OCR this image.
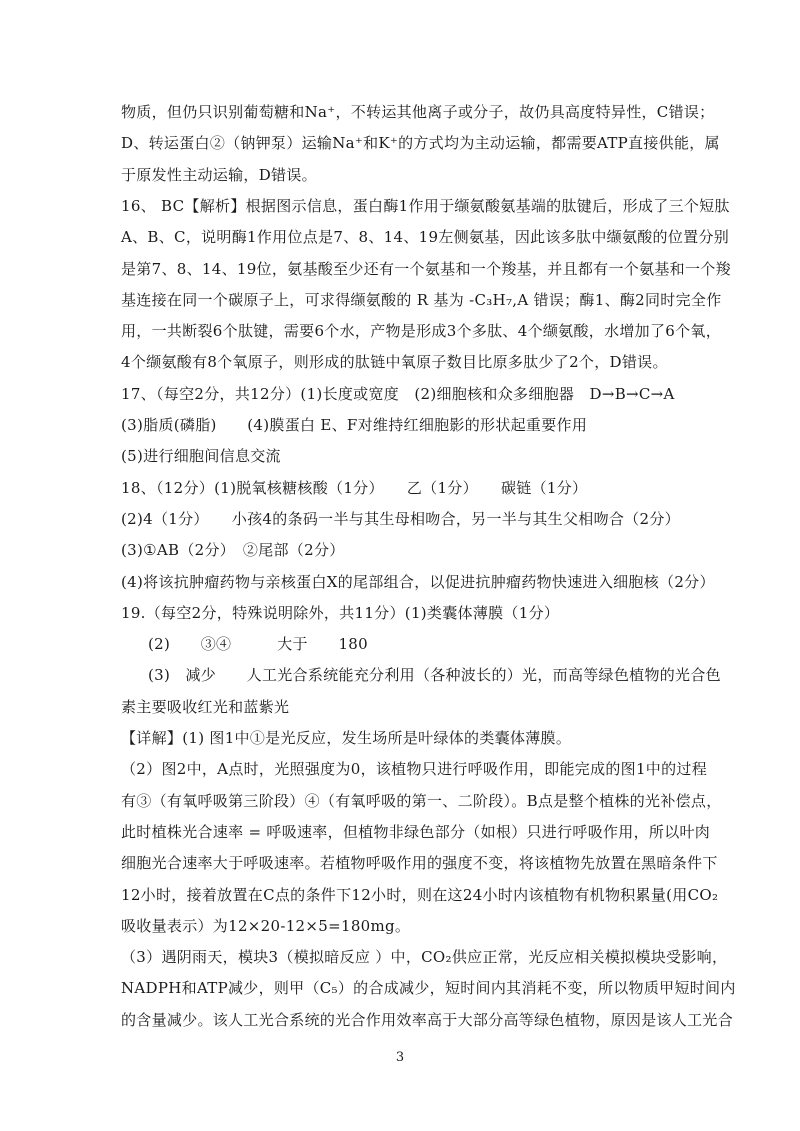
物质，但仍只识别葡萄糖和Na⁺，不转运其他离子或分子，故仍具高度特异性，C错误；
D、转运蛋白②（钠钾泵）运输Na⁺和K⁺的方式均为主动运输，都需要ATP直接供能，属
于原发性主动运输，D错误。
16、 BC【解析】根据图示信息，蛋白酶1作用于缬氨酸氨基端的肽键后，形成了三个短肽
A、B、C，说明酶1作用位点是7、8、14、19左侧氨基，因此该多肽中缬氨酸的位置分别
是第7、8、14、19位，氨基酸至少还有一个氨基和一个羧基，并且都有一个氨基和一个羧
基连接在同一个碳原子上，可求得缬氨酸的 R 基为 -C₃H₇,A 错误；酶1、酶2同时完全作
用，一共断裂6个肽键，需要6个水，产物是形成3个多肽、4个缬氨酸，水增加了6个氧，
4个缬氨酸有8个氧原子，则形成的肽链中氧原子数目比原多肽少了2个，D错误。
17、（每空2分，共12分）(1)长度或宽度　(2)细胞核和众多细胞器　D→B→C→A
(3)脂质(磷脂)　　(4)膜蛋白 E、F对维持红细胞影的形状起重要作用
(5)进行细胞间信息交流
18、（12分）(1)脱氧核糖核酸（1分）　　乙（1分）　　碳链（1分）
(2)4（1分）　　小孩4的条码一半与其生母相吻合，另一半与其生父相吻合（2分）
(3)①AB（2分）　②尾部（2分）
(4)将该抗肿瘤药物与亲核蛋白X的尾部组合，以促进抗肿瘤药物快速进入细胞核（2分）
19.（每空2分，特殊说明除外，共11分）(1)类囊体薄膜（1分）
(2)　　③④　　　大于　　180
(3)　减少　　人工光合系统能充分利用（各种波长的）光，而高等绿色植物的光合色
素主要吸收红光和蓝紫光
【详解】(1) 图1中①是光反应，发生场所是叶绿体的类囊体薄膜。
（2）图2中，A点时，光照强度为0，该植物只进行呼吸作用，即能完成的图1中的过程
有③（有氧呼吸第三阶段）④（有氧呼吸的第一、二阶段）。B点是整个植株的光补偿点，
此时植株光合速率 = 呼吸速率，但植物非绿色部分（如根）只进行呼吸作用，所以叶肉
细胞光合速率大于呼吸速率。若植物呼吸作用的强度不变，将该植物先放置在黑暗条件下
12小时，接着放置在C点的条件下12小时，则在这24小时内该植物有机物积累量(用CO₂
吸收量表示）为12×20-12×5=180mg。
（3）遇阴雨天，模块3（模拟暗反应 ）中，CO₂供应正常，光反应相关模拟模块受影响，
NADPH和ATP减少，则甲（C₅）的合成减少，短时间内其消耗不变，所以物质甲短时间内
的含量减少。该人工光合系统的光合作用效率高于大部分高等绿色植物，原因是该人工光合
3
